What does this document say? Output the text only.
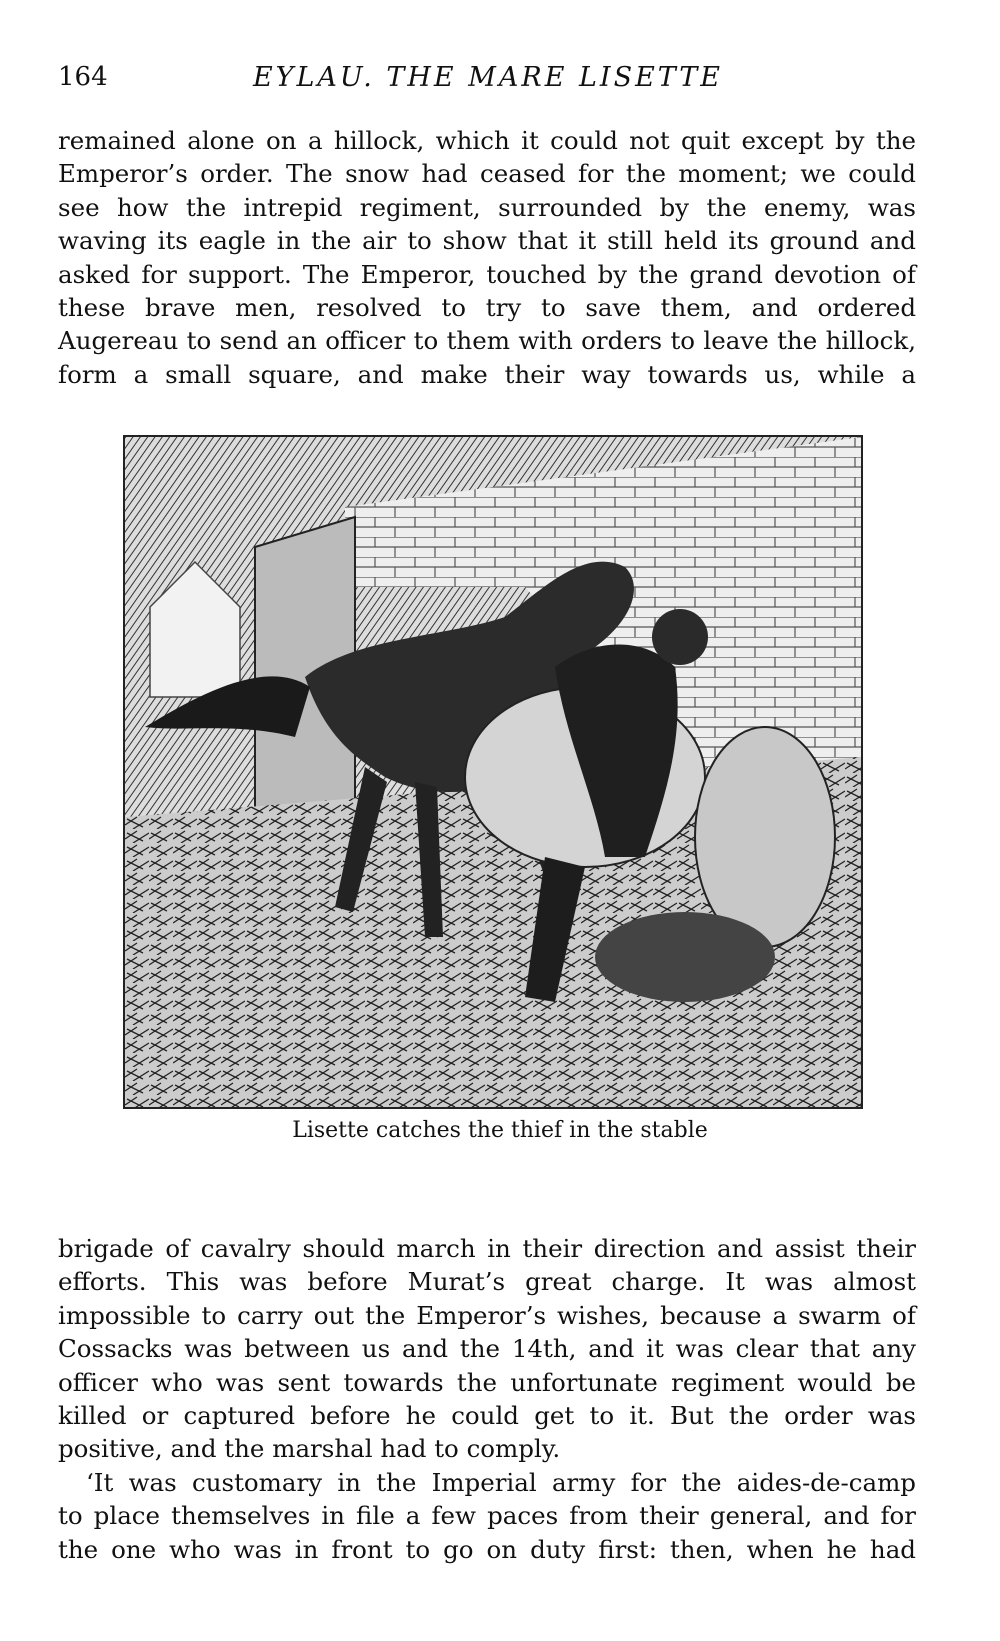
164	EYLAU. THE MARE LISETTE
remained alone on a hillock, which it could not quit except by the
Emperor’s order. The snow had ceased for the moment; we could
see how the intrepid regiment, surrounded by the enemy, was
waving its eagle in the air to show that it still held its ground and
asked for support. The Emperor, touched by the grand devotion of
these brave men, resolved to try to save them, and ordered
Augereau to send an officer to them with orders to leave the hillock,
form a small square, and make their way towards us, while a
Lisette catches the thief in the stable

brigade of cavalry should march in their direction and assist their
efforts. This was before Murat’s great charge. It was almost
impossible to carry out the Emperor’s wishes, because a swarm of
Cossacks was between us and the 14th, and it was clear that any
officer who was sent towards the unfortunate regiment would be
killed or captured before he could get to it. But the order was
positive, and the marshal had to comply.

‘It was customary in the Imperial army for the aides-de-camp
to place themselves in file a few paces from their general, and for
the one who was in front to go on duty first: then, when he had
